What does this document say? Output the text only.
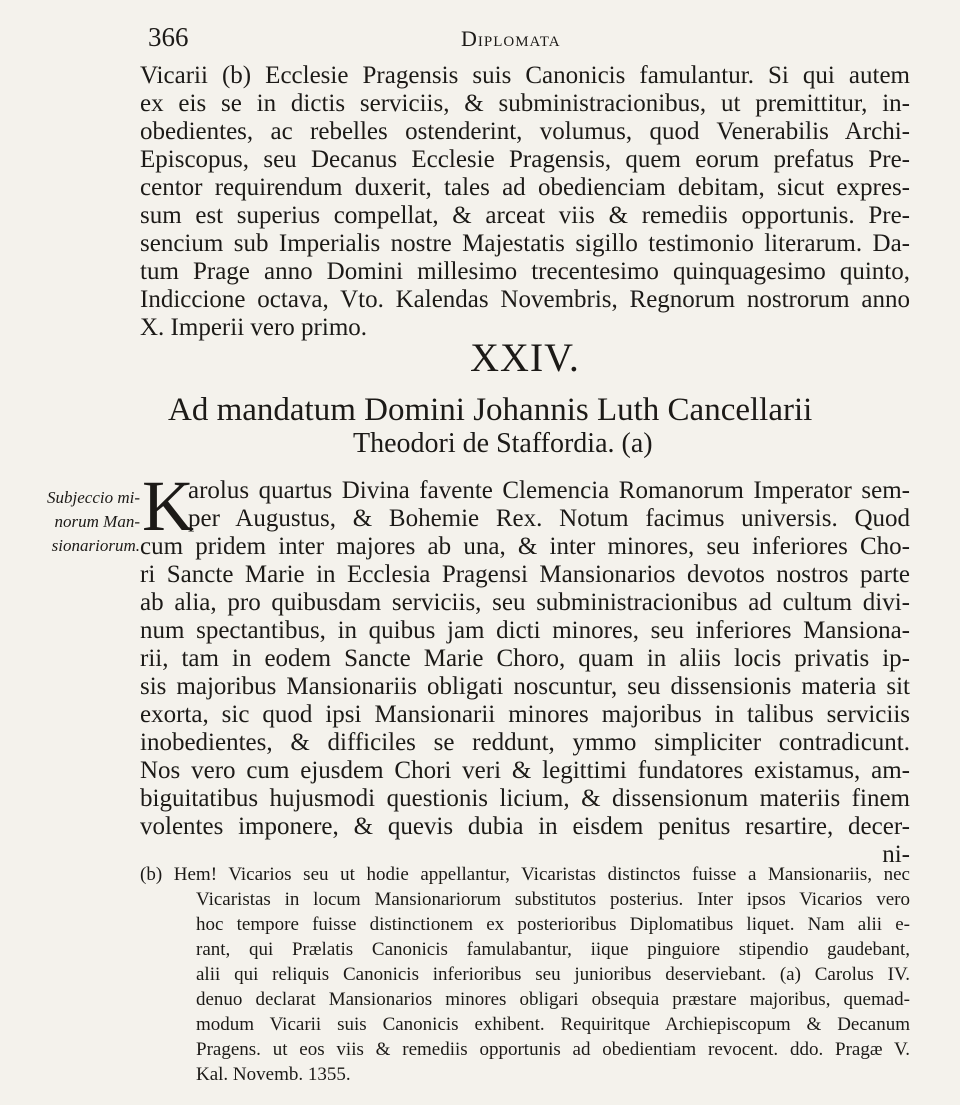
366	Diplomata
Vicarii (b) Ecclesie Pragensis suis Canonicis famulantur. Si qui autem
ex eis se in dictis serviciis, & subministracionibus, ut premittitur, in-
obedientes, ac rebelles ostenderint, volumus, quod Venerabilis Archi-
Episcopus, seu Decanus Ecclesie Pragensis, quem eorum prefatus Pre-
centor requirendum duxerit, tales ad obedienciam debitam, sicut expres-
sum est superius compellat, & arceat viis & remediis opportunis. Pre-
sencium sub Imperialis nostre Majestatis sigillo testimonio literarum. Da-
tum Prage anno Domini millesimo trecentesimo quinquagesimo quinto,
Indiccione octava, Vto. Kalendas Novembris, Regnorum nostrorum anno
X. Imperii vero primo.
XXIV.
Ad mandatum Domini Johannis Luth Cancellarii
Theodori de Staffordia. (a)
Subjeccio mi-
norum Man-
sionariorum. K
arolus quartus Divina favente Clemencia Romanorum Imperator sem-
per Augustus, & Bohemie Rex. Notum facimus universis. Quod
cum pridem inter majores ab una, & inter minores, seu inferiores Cho-
ri Sancte Marie in Ecclesia Pragensi Mansionarios devotos nostros parte
ab alia, pro quibusdam serviciis, seu subministracionibus ad cultum divi-
num spectantibus, in quibus jam dicti minores, seu inferiores Mansiona-
rii, tam in eodem Sancte Marie Choro, quam in aliis locis privatis ip-
sis majoribus Mansionariis obligati noscuntur, seu dissensionis materia sit
exorta, sic quod ipsi Mansionarii minores majoribus in talibus serviciis
inobedientes, & difficiles se reddunt, ymmo simpliciter contradicunt.
Nos vero cum ejusdem Chori veri & legittimi fundatores existamus, am-
biguitatibus hujusmodi questionis licium, & dissensionum materiis finem
volentes imponere, & quevis dubia in eisdem penitus resartire, decer-
ni-
(b) Hem! Vicarios seu ut hodie appellantur, Vicaristas distinctos fuisse a Mansionariis, nec
Vicaristas in locum Mansionariorum substitutos posterius. Inter ipsos Vicarios vero
hoc tempore fuisse distinctionem ex posterioribus Diplomatibus liquet. Nam alii e-
rant, qui Prælatis Canonicis famulabantur, iique pinguiore stipendio gaudebant,
alii qui reliquis Canonicis inferioribus seu junioribus deserviebant. (a) Carolus IV.
denuo declarat Mansionarios minores obligari obsequia præstare majoribus, quemad-
modum Vicarii suis Canonicis exhibent. Requiritque Archiepiscopum & Decanum
Pragens. ut eos viis & remediis opportunis ad obedientiam revocent. ddo. Pragæ V.
Kal. Novemb. 1355.
